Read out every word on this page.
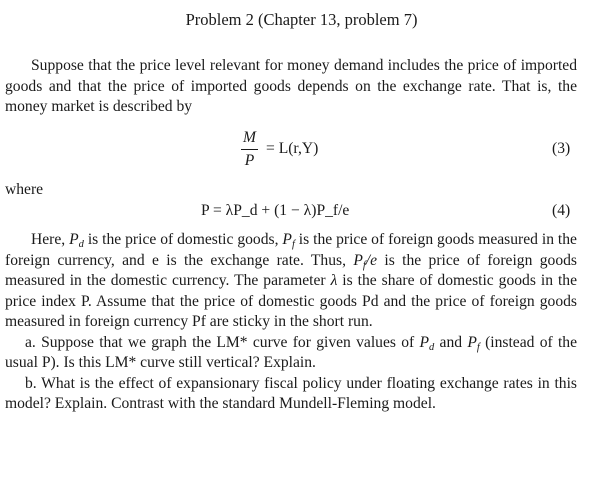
Problem 2 (Chapter 13, problem 7)
Suppose that the price level relevant for money demand includes the price of imported goods and that the price of imported goods depends on the exchange rate. That is, the money market is described by
M
P
= L(r,Y)	(3)
where
P = λP_d + (1 − λ)P_f/e	(4)
Here, $P_d$ is the price of domestic goods, $P_f$ is the price of foreign goods measured in the foreign currency, and e is the exchange rate. Thus, $P_f/e$ is the price of foreign goods measured in the domestic currency. The parameter λ is the share of domestic goods in the price index P. Assume that the price of domestic goods Pd and the price of foreign goods measured in foreign currency Pf are sticky in the short run.
a. Suppose that we graph the LM* curve for given values of $P_d$ and $P_f$ (instead of the usual P). Is this LM* curve still vertical? Explain.
b. What is the effect of expansionary fiscal policy under floating exchange rates in this model? Explain. Contrast with the standard Mundell-Fleming model.
